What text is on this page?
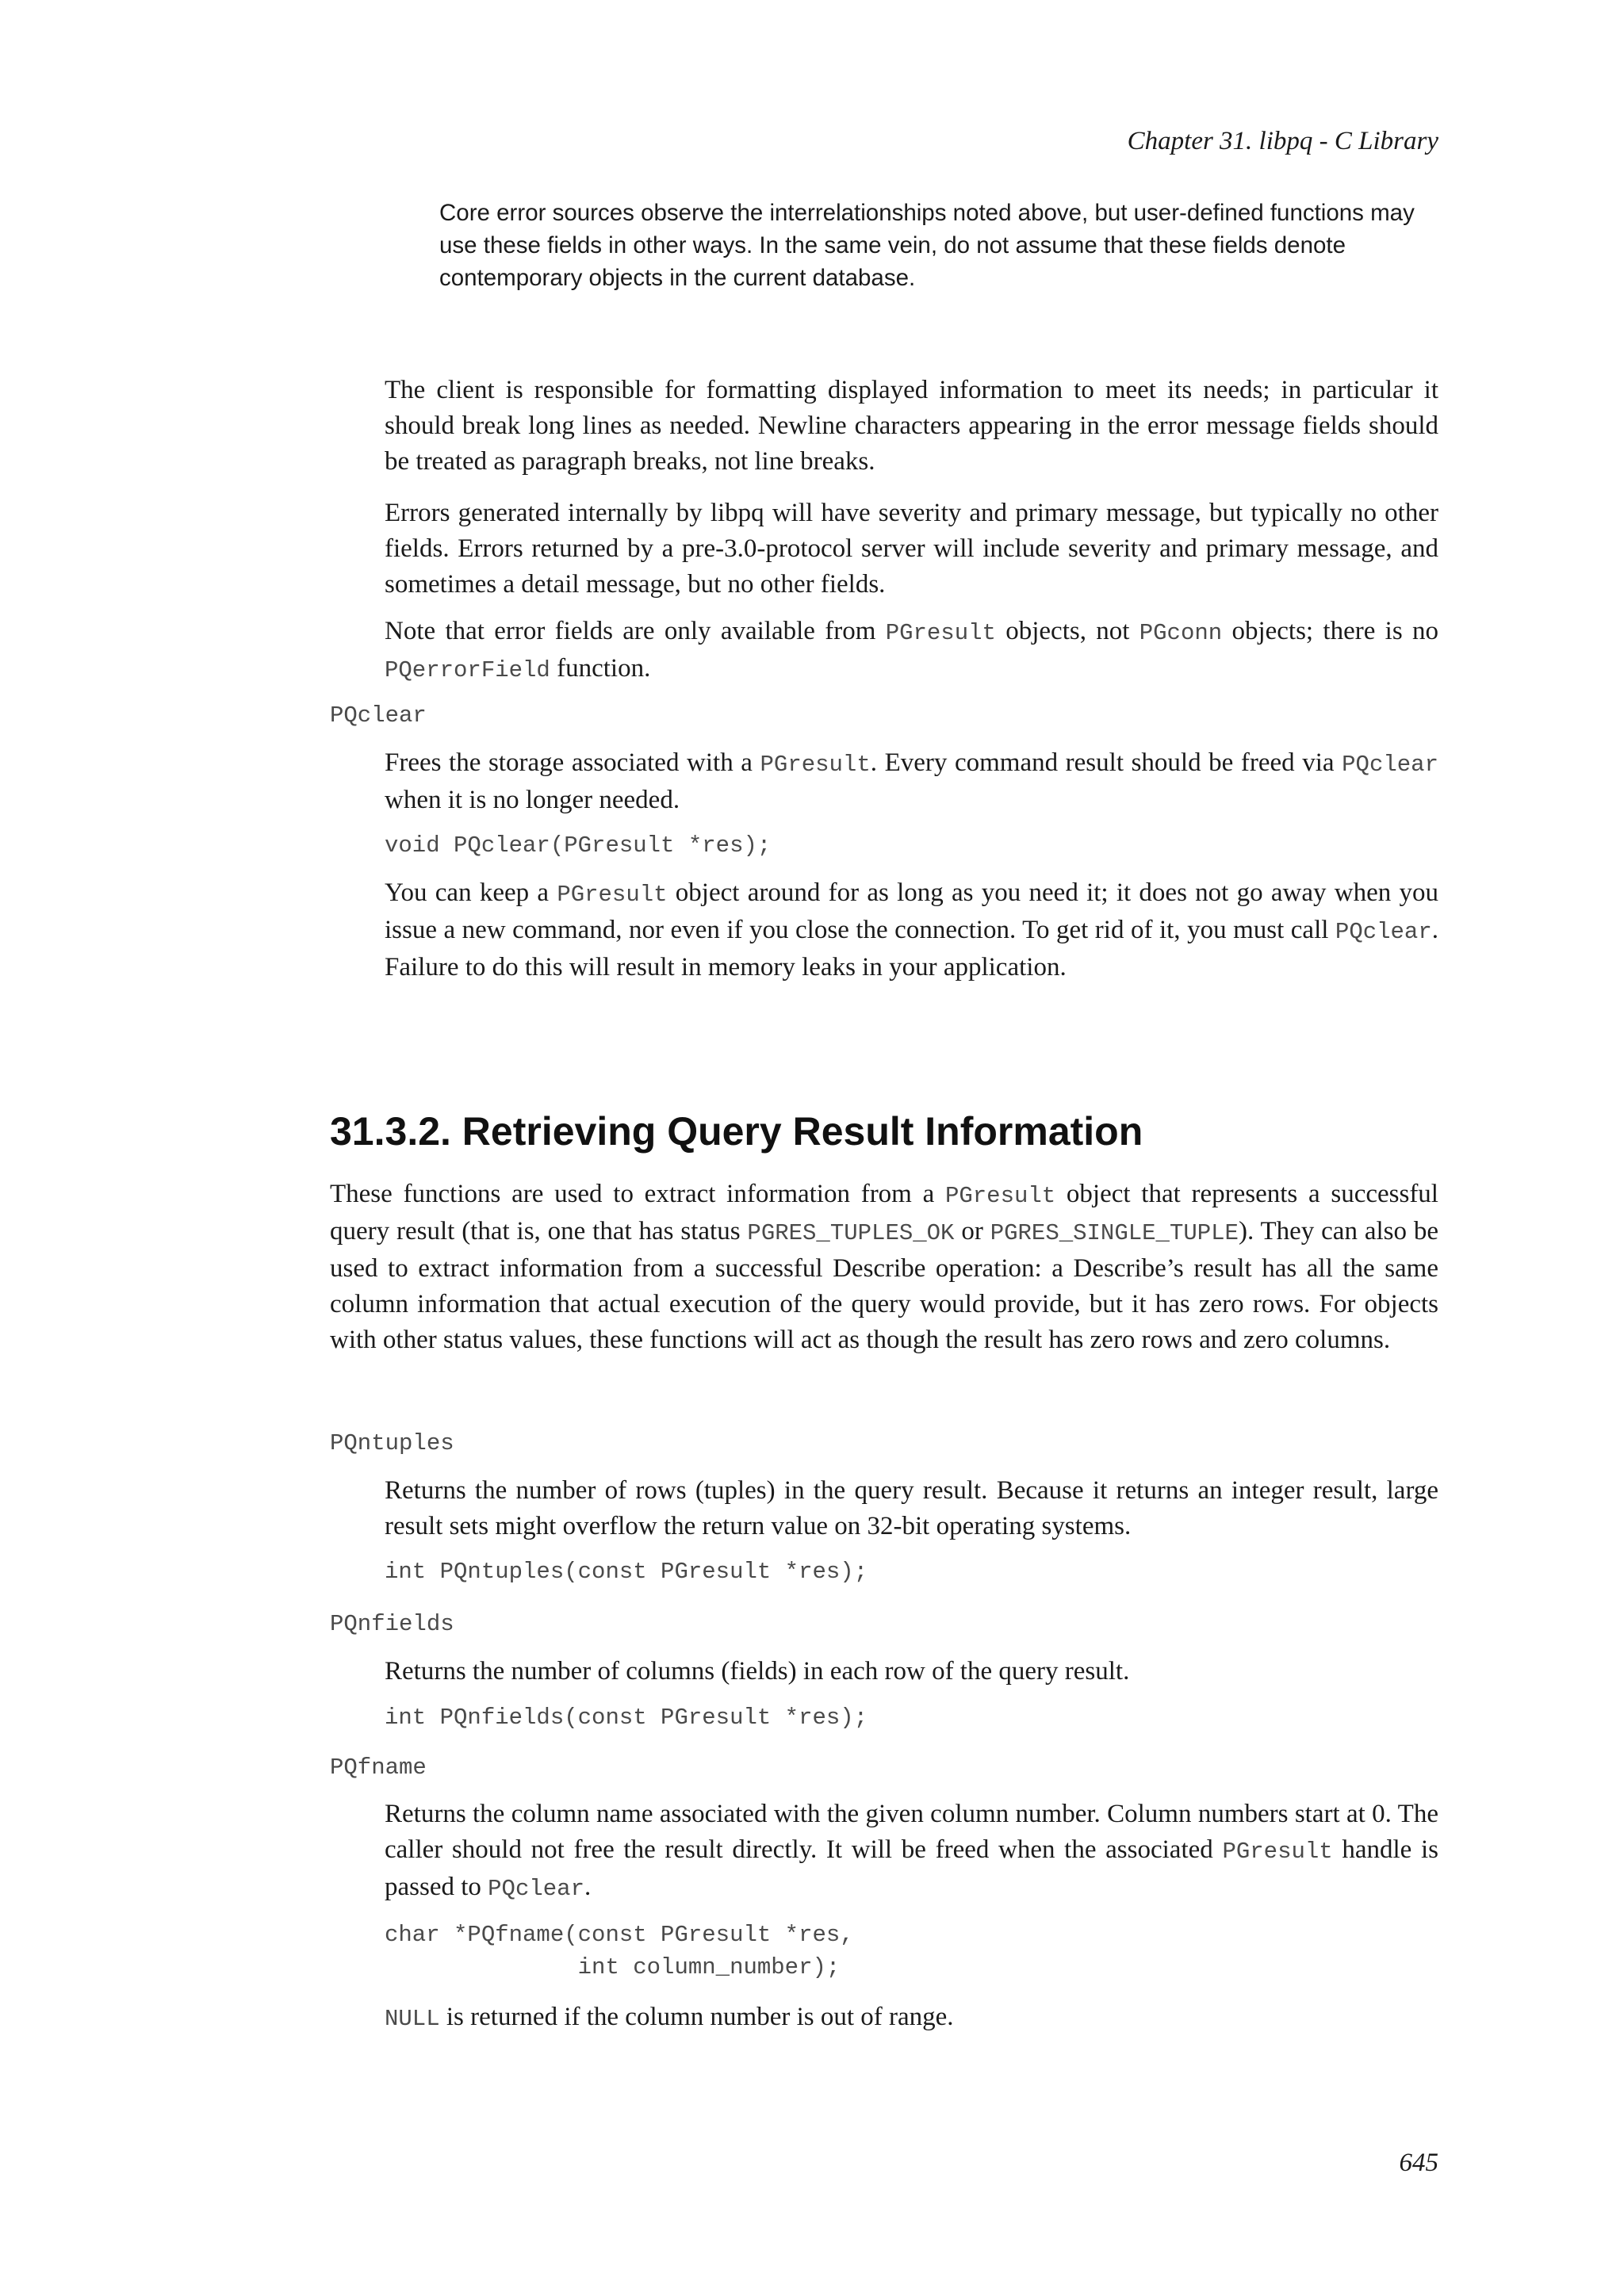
Chapter 31. libpq - C Library
Core error sources observe the interrelationships noted above, but user-defined functions may use these fields in other ways. In the same vein, do not assume that these fields denote contemporary objects in the current database.
The client is responsible for formatting displayed information to meet its needs; in particular it should break long lines as needed. Newline characters appearing in the error message fields should be treated as paragraph breaks, not line breaks.
Errors generated internally by libpq will have severity and primary message, but typically no other fields. Errors returned by a pre-3.0-protocol server will include severity and primary message, and sometimes a detail message, but no other fields.
Note that error fields are only available from PGresult objects, not PGconn objects; there is no PQerrorField function.
PQclear
Frees the storage associated with a PGresult. Every command result should be freed via PQclear when it is no longer needed.
void PQclear(PGresult *res);
You can keep a PGresult object around for as long as you need it; it does not go away when you issue a new command, nor even if you close the connection. To get rid of it, you must call PQclear. Failure to do this will result in memory leaks in your application.
31.3.2. Retrieving Query Result Information
These functions are used to extract information from a PGresult object that represents a successful query result (that is, one that has status PGRES_TUPLES_OK or PGRES_SINGLE_TUPLE). They can also be used to extract information from a successful Describe operation: a Describe’s result has all the same column information that actual execution of the query would provide, but it has zero rows. For objects with other status values, these functions will act as though the result has zero rows and zero columns.
PQntuples
Returns the number of rows (tuples) in the query result. Because it returns an integer result, large result sets might overflow the return value on 32-bit operating systems.
int PQntuples(const PGresult *res);
PQnfields
Returns the number of columns (fields) in each row of the query result.
int PQnfields(const PGresult *res);
PQfname
Returns the column name associated with the given column number. Column numbers start at 0. The caller should not free the result directly. It will be freed when the associated PGresult handle is passed to PQclear.
char *PQfname(const PGresult *res,
int column_number);
NULL is returned if the column number is out of range.
645
